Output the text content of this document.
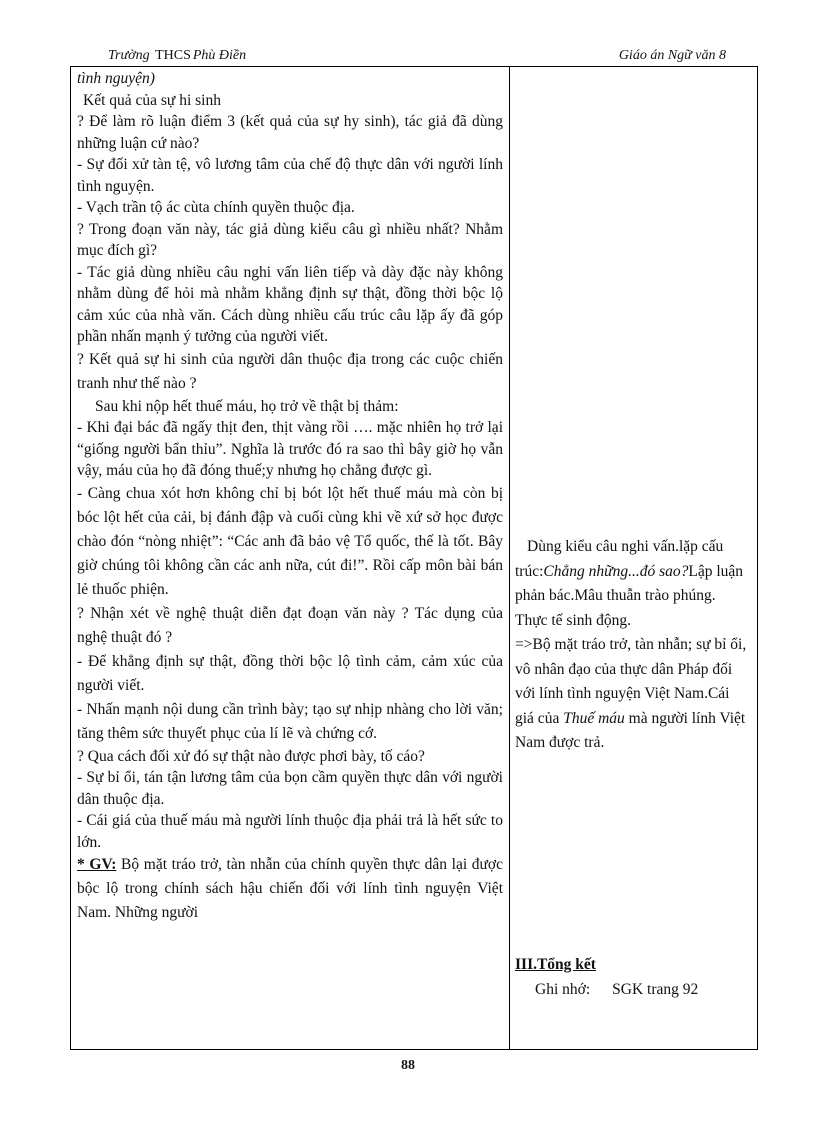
Trường THCS Phù Điền	Giáo án Ngữ văn 8

tình nguyện)

Kết quả của sự hi sinh

? Để làm rõ luận điểm 3 (kết quả của sự hy sinh), tác giả đã dùng những luận cứ nào?

- Sự đối xử tàn tệ, vô lương tâm của chế độ thực dân với người lính tình nguyện.

- Vạch trần tộ ác cùta chính quyền thuộc địa.

? Trong đoạn văn này, tác giả dùng kiểu câu gì nhiều nhất? Nhằm mục đích gì?

- Tác giả dùng nhiều câu nghi vấn liên tiếp và dày đặc này không nhằm dùng để hỏi mà nhằm khẳng định sự thật, đồng thời bộc lộ cảm xúc của nhà văn. Cách dùng nhiều cấu trúc câu lặp ấy đã góp phần nhấn mạnh ý tưởng của người viết.

? Kết quả sự hi sinh của người dân thuộc địa trong các cuộc chiến tranh như thế nào ?

Sau khi nộp hết thuế máu, họ trở về thật bị thảm:

- Khi đại bác đã ngấy thịt đen, thịt vàng rồi …. mặc nhiên họ trở lại “giống người bẩn thỉu”. Nghĩa là trước đó ra sao thì bây giờ họ vẫn vậy, máu của họ đã đóng thuế;y nhưng họ chẳng được gì.

- Càng chua xót hơn không chỉ bị bót lột hết thuế máu mà còn bị bóc lột hết của cải, bị đánh đập và cuối cùng khi về xứ sở học được chào đón “nòng nhiệt”: “Các anh đã bảo vệ Tổ quốc, thế là tốt. Bây giờ chúng tôi không cần các anh nữa, cút đi!”. Rồi cấp môn bài bán lẻ thuốc phiện.

? Nhận xét về nghệ thuật diễn đạt đoạn văn này ? Tác dụng của nghệ thuật đó ?

- Để khẳng định sự thật, đồng thời bộc lộ tình cảm, cảm xúc của người viết.

- Nhấn mạnh nội dung cần trình bày; tạo sự nhịp nhàng cho lời văn; tăng thêm sức thuyết phục của lí lẽ và chứng cớ.

? Qua cách đối xử đó sự thật nào được phơi bày, tố cáo?

- Sự bỉ ổi, tán tận lương tâm của bọn cầm quyền thực dân với người dân thuộc địa.

- Cái giá của thuế máu mà người lính thuộc địa phải trả là hết sức to lớn.

* GV: Bộ mặt tráo trở, tàn nhẫn của chính quyền thực dân lại được bộc lộ trong chính sách hậu chiến đối với lính tình nguyện Việt Nam. Những người

Dùng kiểu câu nghi vấn.lặp cấu trúc:Chẳng những...đó sao?Lập luận phản bác.Mâu thuẫn trào phúng. Thực tế sinh động.

=>Bộ mặt tráo trở, tàn nhẫn; sự bỉ ổi, vô nhân đạo của thực dân Pháp đối với lính tình nguyện Việt Nam.Cái giá của Thuế máu mà người lính Việt Nam được trả.

III.Tổng kết
Ghi nhớ: SGK trang 92
88
